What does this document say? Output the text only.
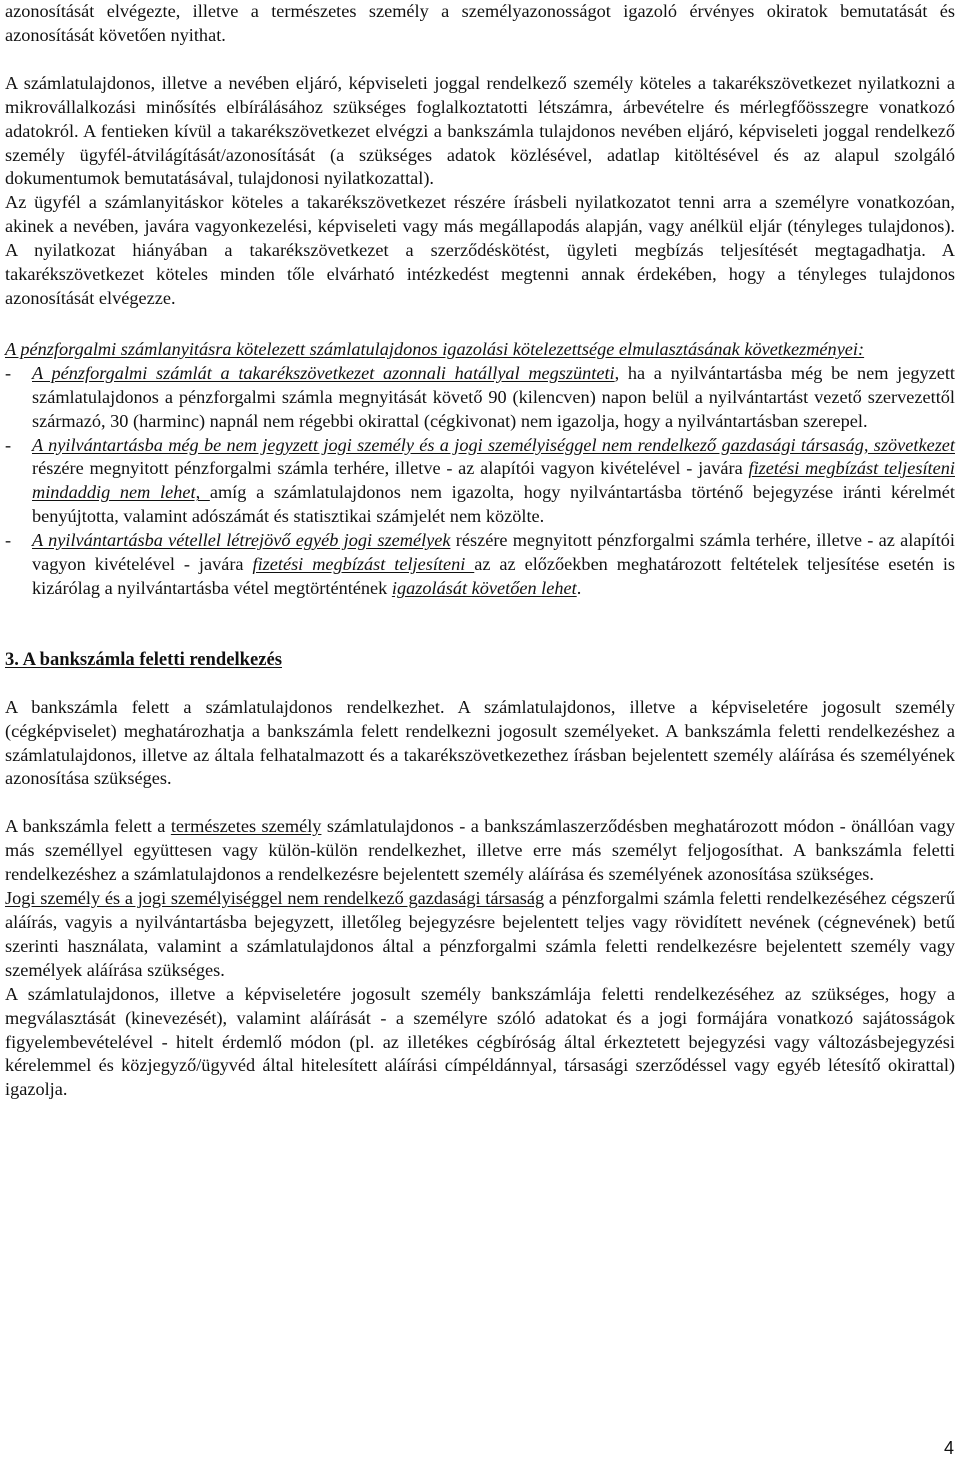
azonosítását elvégezte, illetve a természetes személy a személyazonosságot igazoló érvényes okiratok bemutatását és azonosítását követően nyithat.

A számlatulajdonos, illetve a nevében eljáró, képviseleti joggal rendelkező személy köteles a takarékszövetkezet nyilatkozni a mikrovállalkozási minősítés elbírálásához szükséges foglalkoztatotti létszámra, árbevételre és mérlegfőösszegre vonatkozó adatokról. A fentieken kívül a takarékszövetkezet elvégzi a bankszámla tulajdonos nevében eljáró, képviseleti joggal rendelkező személy ügyfél-átvilágítását/azonosítását (a szükséges adatok közlésével, adatlap kitöltésével és az alapul szolgáló dokumentumok bemutatásával, tulajdonosi nyilatkozattal).

Az ügyfél a számlanyitáskor köteles a takarékszövetkezet részére írásbeli nyilatkozatot tenni arra a személyre vonatkozóan, akinek a nevében, javára vagyonkezelési, képviseleti vagy más megállapodás alapján, vagy anélkül eljár (tényleges tulajdonos). A nyilatkozat hiányában a takarékszövetkezet a szerződéskötést, ügyleti megbízás teljesítését megtagadhatja. A takarékszövetkezet köteles minden tőle elvárható intézkedést megtenni annak érdekében, hogy a tényleges tulajdonos azonosítását elvégezze.

A pénzforgalmi számlanyitásra kötelezett számlatulajdonos igazolási kötelezettsége elmulasztásának következményei:

- A pénzforgalmi számlát a takarékszövetkezet azonnali hatállyal megszünteti, ha a nyilvántartásba még be nem jegyzett számlatulajdonos a pénzforgalmi számla megnyitását követő 90 (kilencven) napon belül a nyilvántartást vezető szervezettől származó, 30 (harminc) napnál nem régebbi okirattal (cégkivonat) nem igazolja, hogy a nyilvántartásban szerepel.

- A nyilvántartásba még be nem jegyzett jogi személy és a jogi személyiséggel nem rendelkező gazdasági társaság, szövetkezet részére megnyitott pénzforgalmi számla terhére, illetve - az alapítói vagyon kivételével - javára fizetési megbízást teljesíteni mindaddig nem lehet, amíg a számlatulajdonos nem igazolta, hogy nyilvántartásba történő bejegyzése iránti kérelmét benyújtotta, valamint adószámát és statisztikai számjelét nem közölte.

- A nyilvántartásba vétellel létrejövő egyéb jogi személyek részére megnyitott pénzforgalmi számla terhére, illetve - az alapítói vagyon kivételével - javára fizetési megbízást teljesíteni az az előzőekben meghatározott feltételek teljesítése esetén is kizárólag a nyilvántartásba vétel megtörténtének igazolását követően lehet.

3. A bankszámla feletti rendelkezés

A bankszámla felett a számlatulajdonos rendelkezhet. A számlatulajdonos, illetve a képviseletére jogosult személy (cégképviselet) meghatározhatja a bankszámla felett rendelkezni jogosult személyeket. A bankszámla feletti rendelkezéshez a számlatulajdonos, illetve az általa felhatalmazott és a takarékszövetkezethez írásban bejelentett személy aláírása és személyének azonosítása szükséges.

A bankszámla felett a természetes személy számlatulajdonos - a bankszámlaszerződésben meghatározott módon - önállóan vagy más személlyel együttesen vagy külön-külön rendelkezhet, illetve erre más személyt feljogosíthat. A bankszámla feletti rendelkezéshez a számlatulajdonos a rendelkezésre bejelentett személy aláírása és személyének azonosítása szükséges.

Jogi személy és a jogi személyiséggel nem rendelkező gazdasági társaság a pénzforgalmi számla feletti rendelkezéséhez cégszerű aláírás, vagyis a nyilvántartásba bejegyzett, illetőleg bejegyzésre bejelentett teljes vagy rövidített nevének (cégnevének) betű szerinti használata, valamint a számlatulajdonos által a pénzforgalmi számla feletti rendelkezésre bejelentett személy vagy személyek aláírása szükséges.

A számlatulajdonos, illetve a képviseletére jogosult személy bankszámlája feletti rendelkezéséhez az szükséges, hogy a megválasztását (kinevezését), valamint aláírását - a személyre szóló adatokat és a jogi formájára vonatkozó sajátosságok figyelembevételével - hitelt érdemlő módon (pl. az illetékes cégbíróság által érkeztetett bejegyzési vagy változásbejegyzési kérelemmel és közjegyző/ügyvéd által hitelesített aláírási címpéldánnyal, társasági szerződéssel vagy egyéb létesítő okirattal) igazolja.

4
